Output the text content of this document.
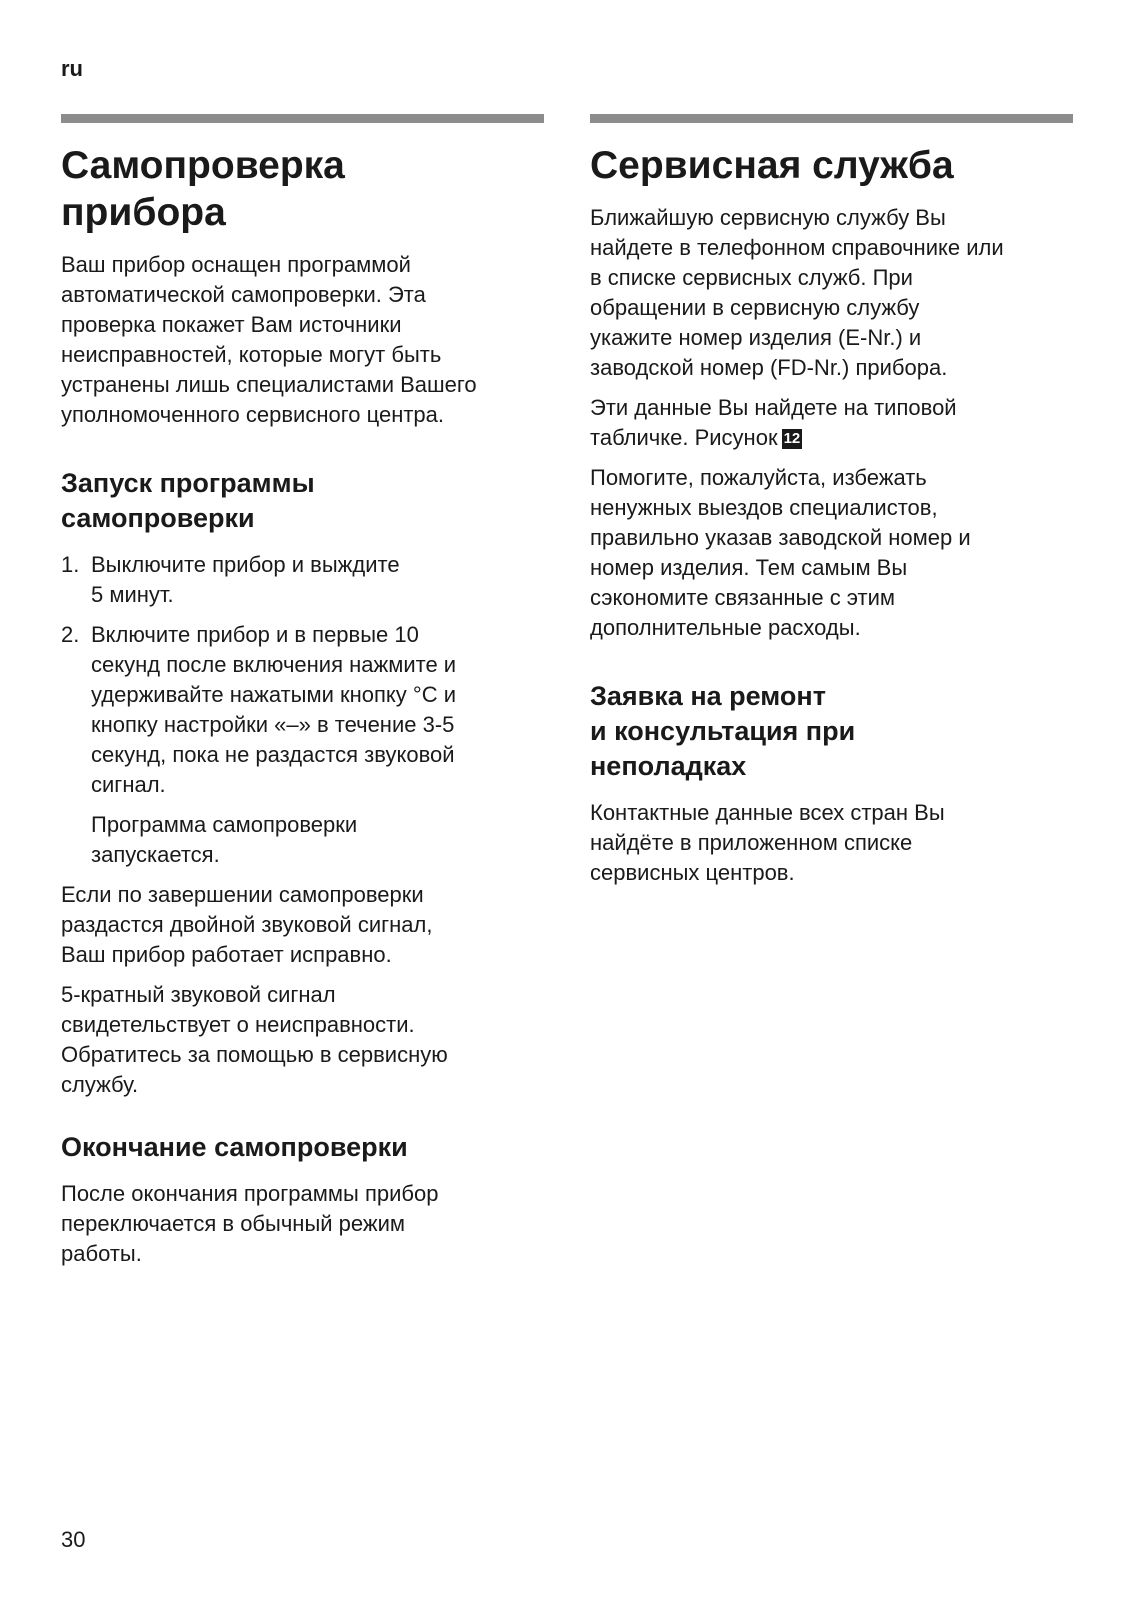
ru
Самопроверка
прибора

Ваш прибор оснащен программой
автоматической самопроверки. Эта
проверка покажет Вам источники
неисправностей, которые могут быть
устранены лишь специалистами Вашего
уполномоченного сервисного центра.

Запуск программы
самопроверки
1. Выключите прибор и выждите
5 минут.
2. Включите прибор и в первые 10
секунд после включения нажмите и
удерживайте нажатыми кнопку °C и
кнопку настройки «–» в течение 3-5
секунд, пока не раздастся звуковой
сигнал.

Программа самопроверки
запускается.

Если по завершении самопроверки
раздастся двойной звуковой сигнал,
Ваш прибор работает исправно.

5-кратный звуковой сигнал
свидетельствует о неисправности.
Обратитесь за помощью в сервисную
службу.

Окончание самопроверки

После окончания программы прибор
переключается в обычный режим
работы.

Сервисная служба

Ближайшую сервисную службу Вы
найдете в телефонном справочнике или
в списке сервисных служб. При
обращении в сервисную службу
укажите номер изделия (E-Nr.) и
заводской номер (FD-Nr.) прибора.

Эти данные Вы найдете на типовой
табличке. Рисунок 12

Помогите, пожалуйста, избежать
ненужных выездов специалистов,
правильно указав заводской номер и
номер изделия. Тем самым Вы
сэкономите связанные с этим
дополнительные расходы.

Заявка на ремонт
и консультация при
неполадках

Контактные данные всех стран Вы
найдёте в приложенном списке
сервисных центров.

30
